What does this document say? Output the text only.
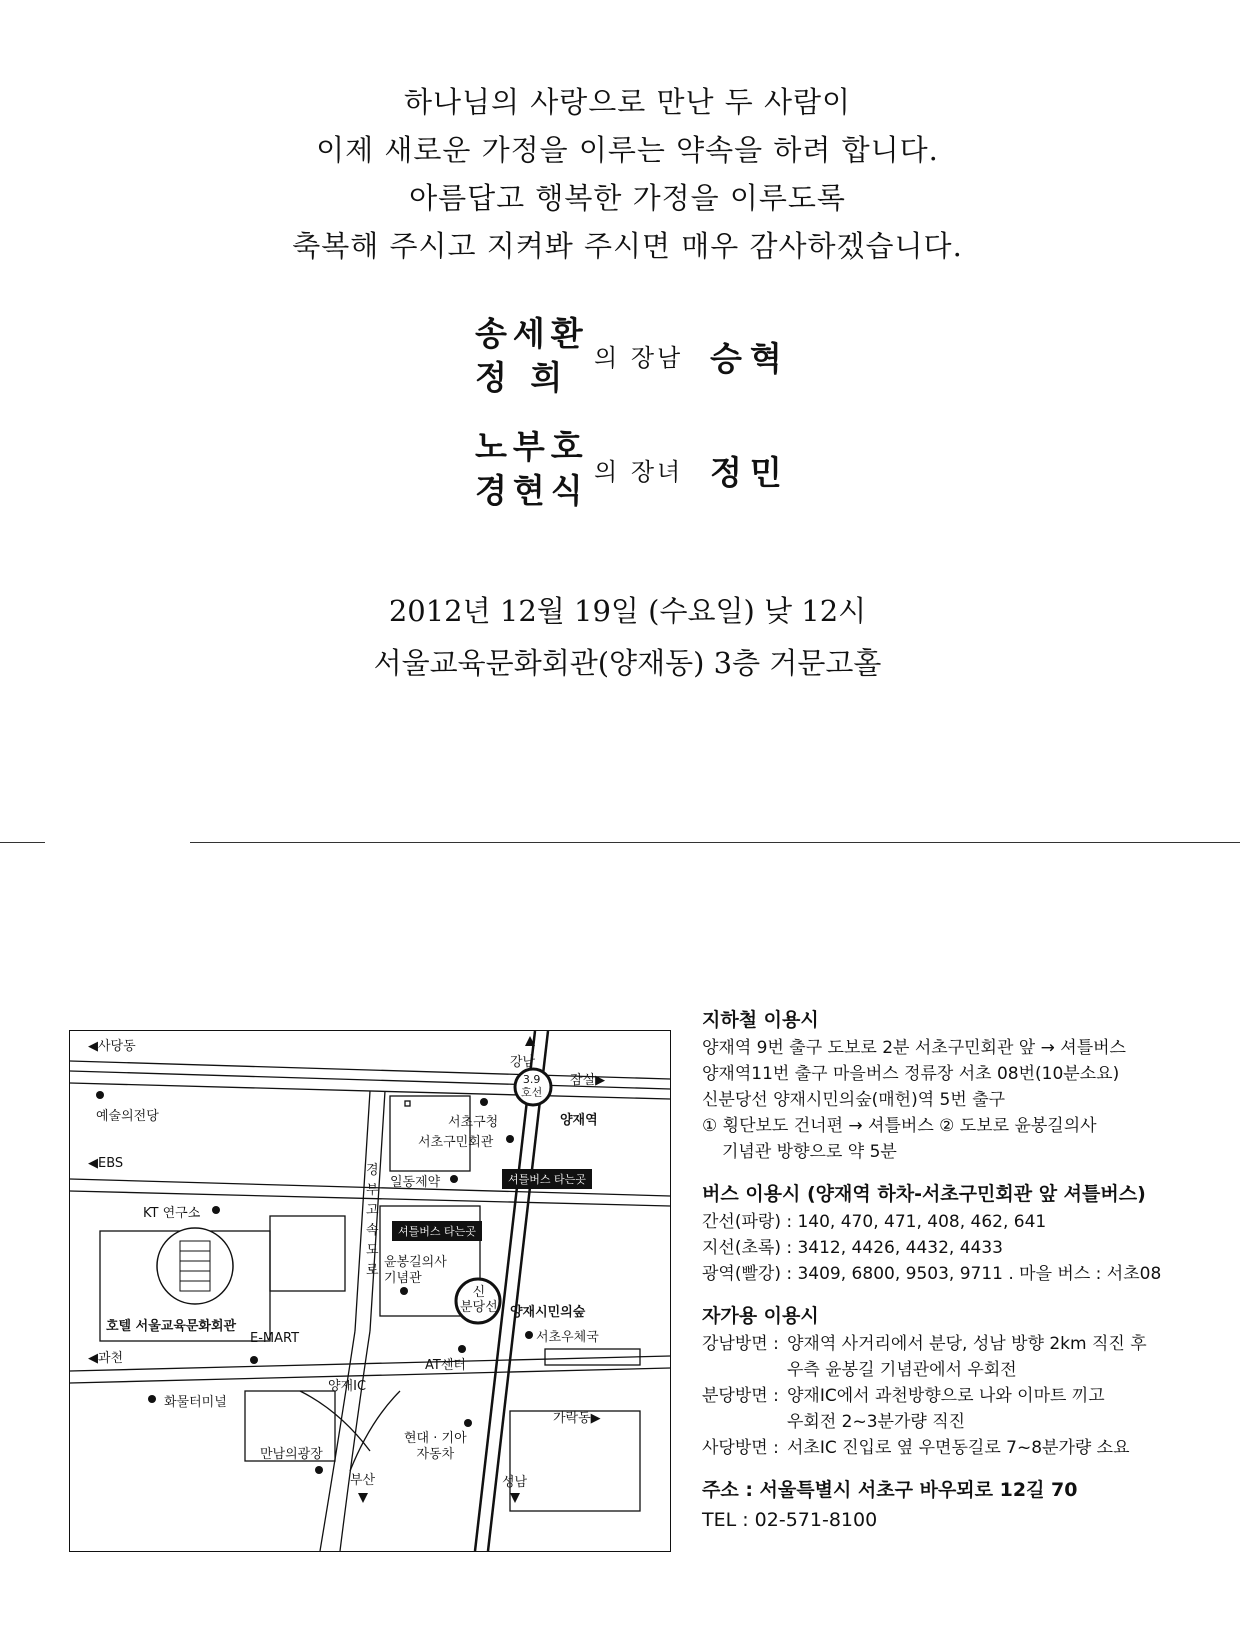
하나님의 사랑으로 만난 두 사람이
이제 새로운 가정을 이루는 약속을 하려 합니다.
아름답고 행복한 가정을 이루도록
축복해 주시고 지켜봐 주시면 매우 감사하겠습니다.
송세환
정 희	의 장남 승혁
노부호
경현식 의 장녀 정민
2012년 12월 19일 (수요일) 낮 12시
서울교육문화회관(양재동) 3층 거문고홀
◀사당동
예술의전당
◀EBS
KT 연구소
호텔 서울교육문화회관
◀과천
화물터미널
만남의광장
E-MART
양재IC
부산
강남
잠실▶
3.9
호선
양재역
서초구청
서초구민회관
셔틀버스 타는곳
일동제약
경부고속도로
셔틀버스 타는곳
윤봉길의사
기념관
신
분당선 양재시민의숲
서초우체국
AT센터
가락동▶
현대 · 기아
자동차
성남
지하철 이용시
양재역 9번 출구 도보로 2분 서초구민회관 앞 → 셔틀버스
양재역11번 출구 마을버스 정류장 서초 08번(10분소요)
신분당선 양재시민의숲(매헌)역 5번 출구
① 횡단보도 건너편 → 셔틀버스 ② 도보로 윤봉길의사
기념관 방향으로 약 5분
버스 이용시 (양재역 하차-서초구민회관 앞 셔틀버스)
간선(파랑) : 140, 470, 471, 408, 462, 641
지선(초록) : 3412, 4426, 4432, 4433
광역(빨강) : 3409, 6800, 9503, 9711 . 마을 버스 : 서초08
자가용 이용시
강남방면 : 양재역 사거리에서 분당, 성남 방향 2km 직진 후
우측 윤봉길 기념관에서 우회전
분당방면 : 양재IC에서 과천방향으로 나와 이마트 끼고
우회전 2~3분가량 직진
사당방면 : 서초IC 진입로 옆 우면동길로 7~8분가량 소요
주소 : 서울특별시 서초구 바우뫼로 12길 70
TEL : 02-571-8100
